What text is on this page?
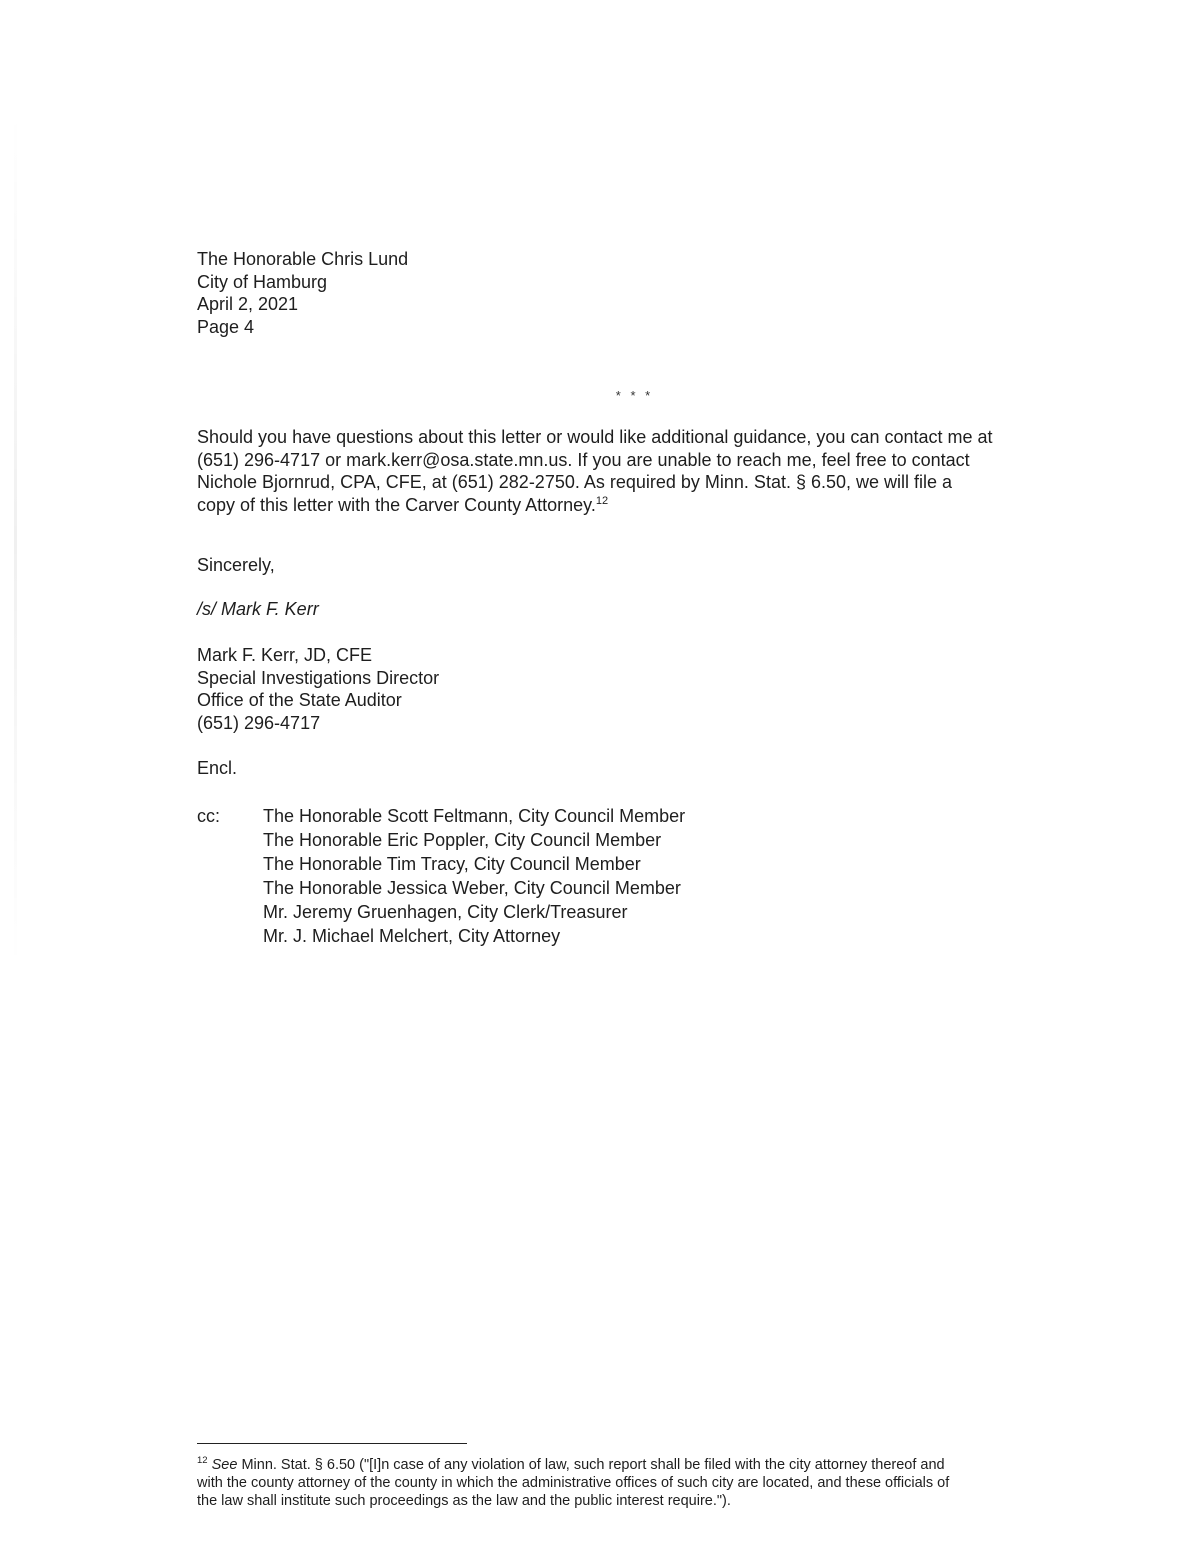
The Honorable Chris Lund
City of Hamburg
April 2, 2021
Page 4
* * *
Should you have questions about this letter or would like additional guidance, you can contact me at
(651) 296-4717 or mark.kerr@osa.state.mn.us. If you are unable to reach me, feel free to contact
Nichole Bjornrud, CPA, CFE, at (651) 282-2750. As required by Minn. Stat. § 6.50, we will file a
copy of this letter with the Carver County Attorney.$^{12}$
Sincerely,
/s/ Mark F. Kerr
Mark F. Kerr, JD, CFE
Special Investigations Director
Office of the State Auditor
(651) 296-4717
Encl.
cc: The Honorable Scott Feltmann, City Council Member
The Honorable Eric Poppler, City Council Member
The Honorable Tim Tracy, City Council Member
The Honorable Jessica Weber, City Council Member
Mr. Jeremy Gruenhagen, City Clerk/Treasurer
Mr. J. Michael Melchert, City Attorney
$^{12}$ See Minn. Stat. § 6.50 ("[I]n case of any violation of law, such report shall be filed with the city attorney thereof and
with the county attorney of the county in which the administrative offices of such city are located, and these officials of
the law shall institute such proceedings as the law and the public interest require.").
